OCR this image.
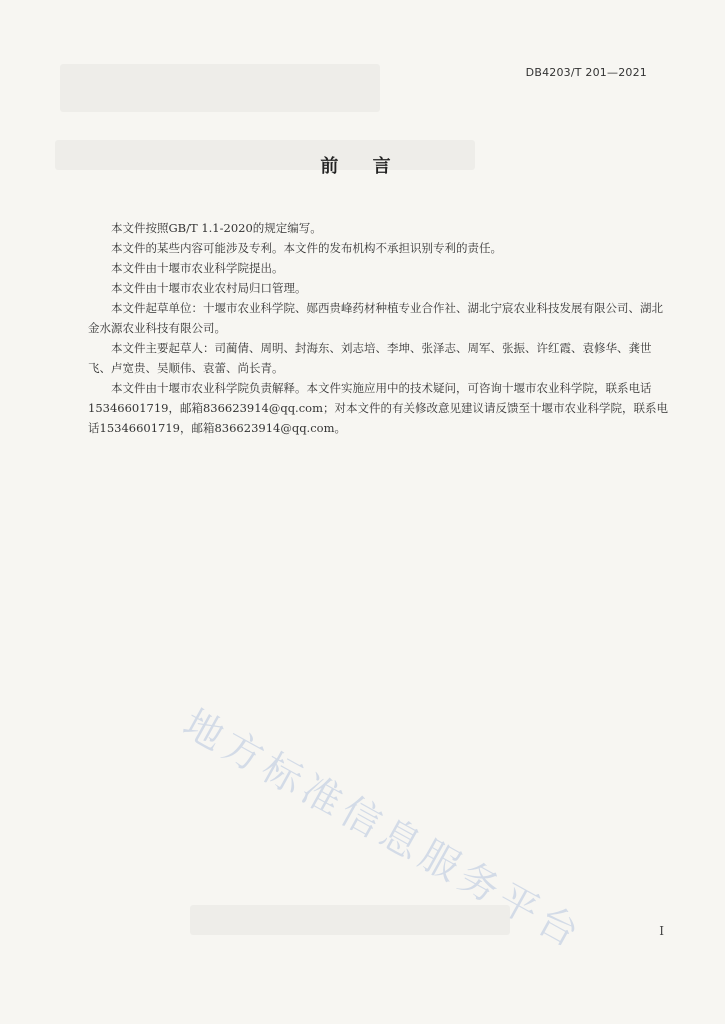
DB4203/T 201—2021
前 言

本文件按照GB/T 1.1-2020的规定编写。

本文件的某些内容可能涉及专利。本文件的发布机构不承担识别专利的责任。

本文件由十堰市农业科学院提出。

本文件由十堰市农业农村局归口管理。

本文件起草单位：十堰市农业科学院、郧西贵峰药材种植专业合作社、湖北宁宸农业科技发展有限公司、湖北金水源农业科技有限公司。

本文件主要起草人：司蔺倩、周明、封海东、刘志培、李坤、张泽志、周军、张振、许红霞、袁修华、龚世飞、卢宽贵、吴顺伟、袁蕾、尚长青。

本文件由十堰市农业科学院负责解释。本文件实施应用中的技术疑问，可咨询十堰市农业科学院，联系电话15346601719，邮箱836623914@qq.com；对本文件的有关修改意见建议请反馈至十堰市农业科学院，联系电话15346601719，邮箱836623914@qq.com。

地方标准信息服务平台	I
